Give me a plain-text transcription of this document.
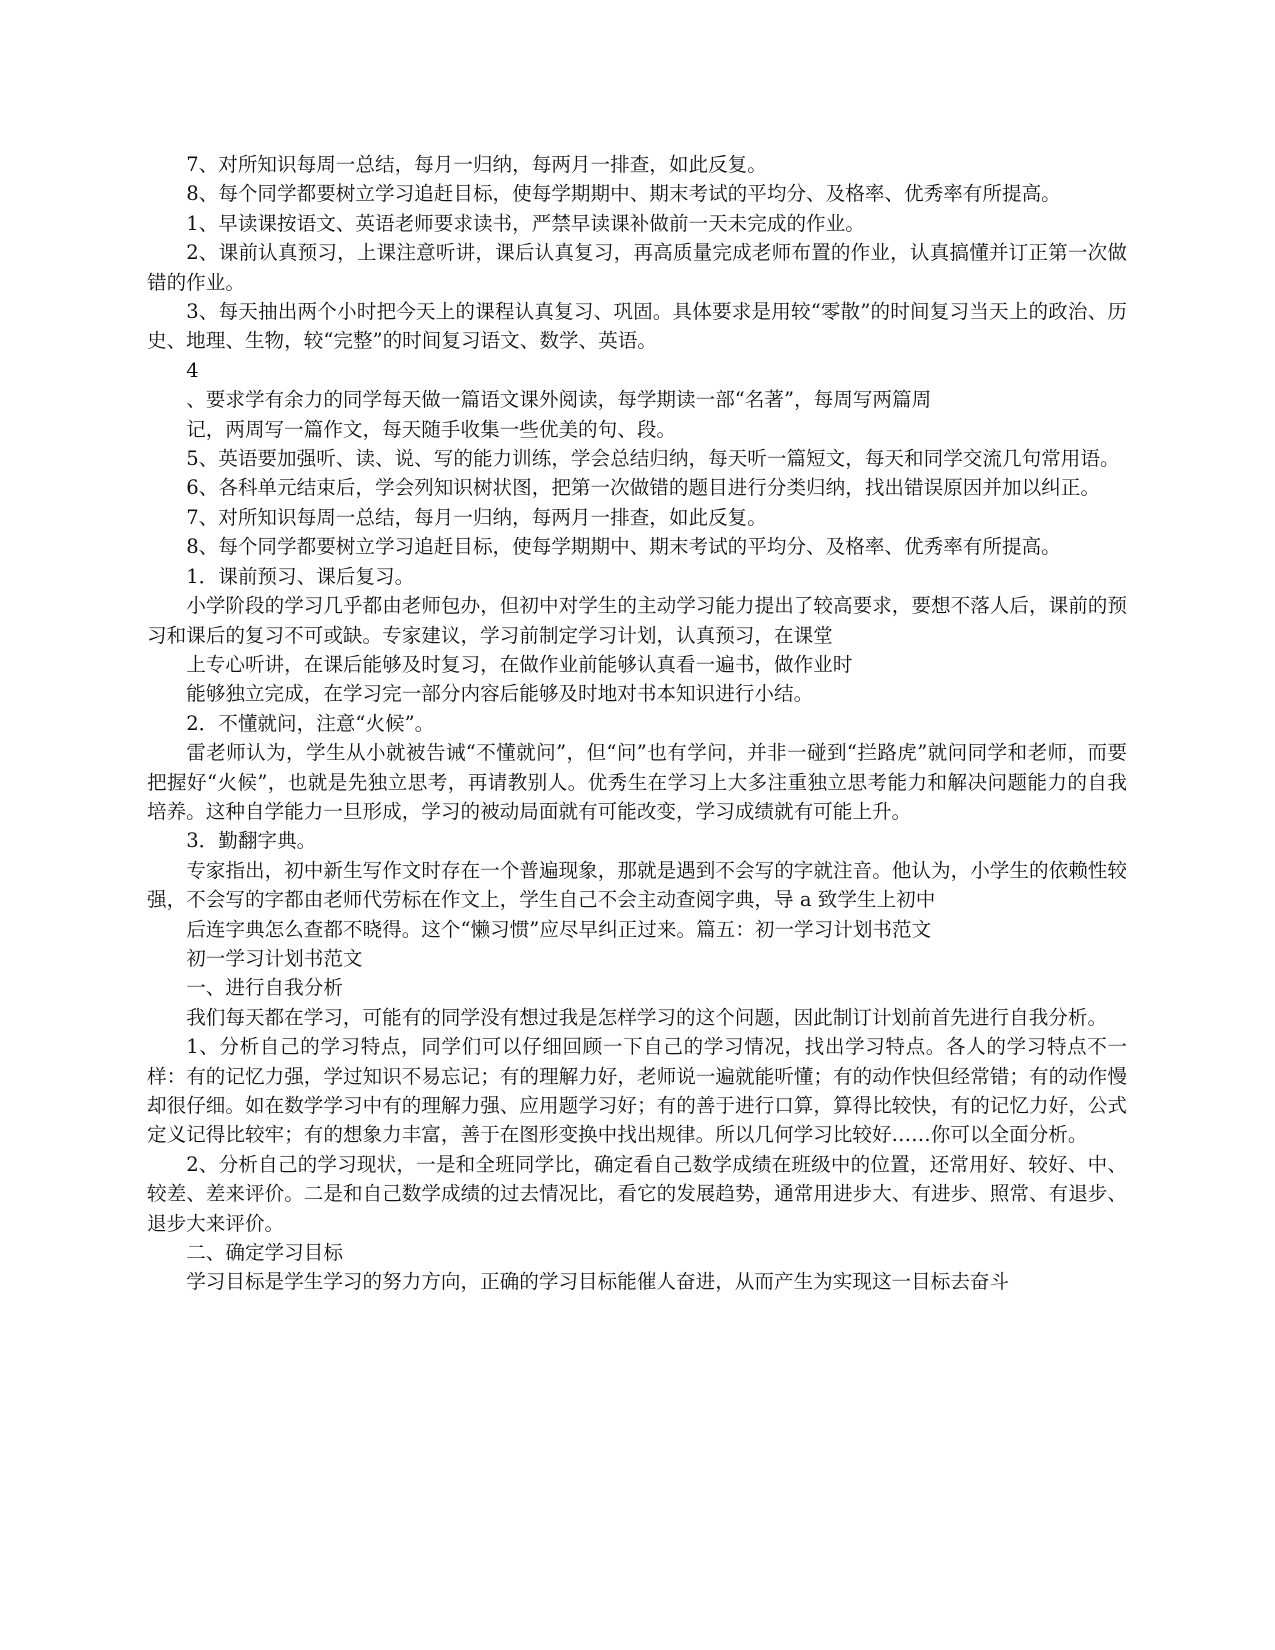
7、对所知识每周一总结，每月一归纳，每两月一排查，如此反复。

8、每个同学都要树立学习追赶目标，使每学期期中、期末考试的平均分、及格率、优秀率有所提高。

1、早读课按语文、英语老师要求读书，严禁早读课补做前一天未完成的作业。

2、课前认真预习，上课注意听讲，课后认真复习，再高质量完成老师布置的作业，认真搞懂并订正第一次做错的作业。

3、每天抽出两个小时把今天上的课程认真复习、巩固。具体要求是用较“零散”的时间复习当天上的政治、历史、地理、生物，较“完整”的时间复习语文、数学、英语。

4

、要求学有余力的同学每天做一篇语文课外阅读，每学期读一部“名著”，每周写两篇周

记，两周写一篇作文，每天随手收集一些优美的句、段。

5、英语要加强听、读、说、写的能力训练，学会总结归纳，每天听一篇短文，每天和同学交流几句常用语。

6、各科单元结束后，学会列知识树状图，把第一次做错的题目进行分类归纳，找出错误原因并加以纠正。

7、对所知识每周一总结，每月一归纳，每两月一排查，如此反复。

8、每个同学都要树立学习追赶目标，使每学期期中、期末考试的平均分、及格率、优秀率有所提高。

1．课前预习、课后复习。

小学阶段的学习几乎都由老师包办，但初中对学生的主动学习能力提出了较高要求，要想不落人后，课前的预习和课后的复习不可或缺。专家建议，学习前制定学习计划，认真预习，在课堂

上专心听讲，在课后能够及时复习，在做作业前能够认真看一遍书，做作业时

能够独立完成，在学习完一部分内容后能够及时地对书本知识进行小结。

2．不懂就问，注意“火候”。

雷老师认为，学生从小就被告诫“不懂就问”，但“问”也有学问，并非一碰到“拦路虎”就问同学和老师，而要把握好“火候”，也就是先独立思考，再请教别人。优秀生在学习上大多注重独立思考能力和解决问题能力的自我培养。这种自学能力一旦形成，学习的被动局面就有可能改变，学习成绩就有可能上升。

3．勤翻字典。

专家指出，初中新生写作文时存在一个普遍现象，那就是遇到不会写的字就注音。他认为，小学生的依赖性较强，不会写的字都由老师代劳标在作文上，学生自己不会主动查阅字典，导 a 致学生上初中

后连字典怎么查都不晓得。这个“懒习惯”应尽早纠正过来。篇五：初一学习计划书范文

初一学习计划书范文

一、进行自我分析

我们每天都在学习，可能有的同学没有想过我是怎样学习的这个问题，因此制订计划前首先进行自我分析。

1、分析自己的学习特点，同学们可以仔细回顾一下自己的学习情况，找出学习特点。各人的学习特点不一样：有的记忆力强，学过知识不易忘记；有的理解力好，老师说一遍就能听懂；有的动作快但经常错；有的动作慢却很仔细。如在数学学习中有的理解力强、应用题学习好；有的善于进行口算，算得比较快，有的记忆力好，公式定义记得比较牢；有的想象力丰富，善于在图形变换中找出规律。所以几何学习比较好……你可以全面分析。

2、分析自己的学习现状，一是和全班同学比，确定看自己数学成绩在班级中的位置，还常用好、较好、中、较差、差来评价。二是和自己数学成绩的过去情况比，看它的发展趋势，通常用进步大、有进步、照常、有退步、退步大来评价。

二、确定学习目标

学习目标是学生学习的努力方向，正确的学习目标能催人奋进，从而产生为实现这一目标去奋斗
